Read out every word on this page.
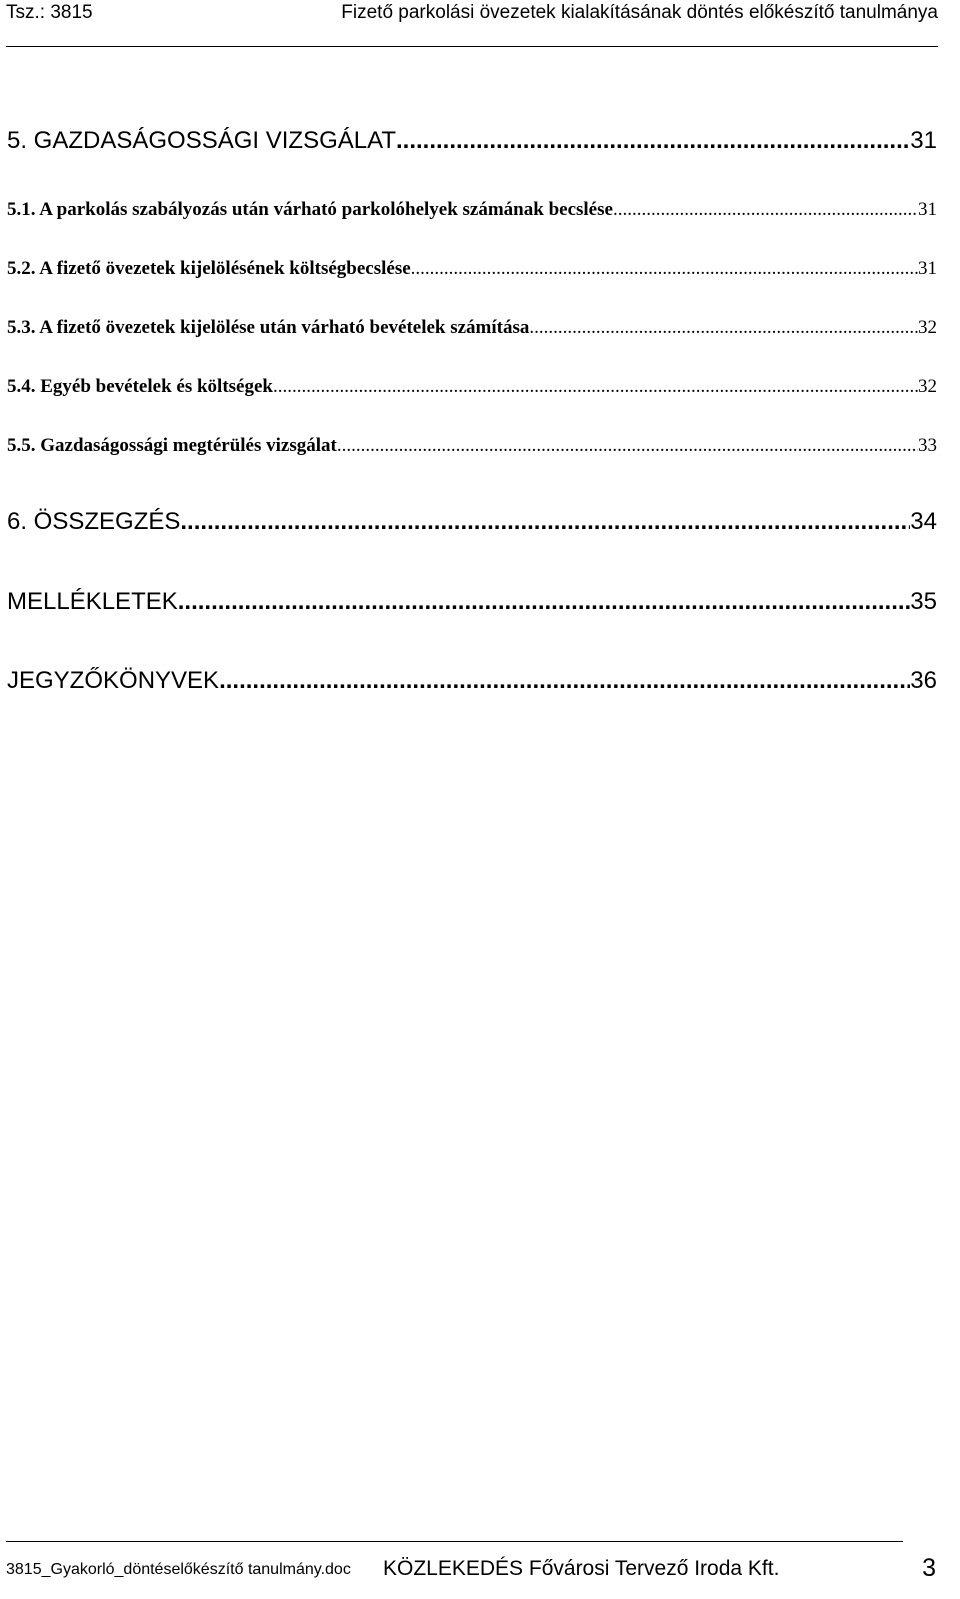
Tsz.: 3815	Fizető parkolási övezetek kialakításának döntés előkészítő tanulmánya
5. GAZDASÁGOSSÁGI VIZSGÁLAT .....	31
5.1. A parkolás szabályozás után várható parkolóhelyek számának becslése .....	31
5.2. A fizető övezetek kijelölésének költségbecslése .....	31
5.3. A fizető övezetek kijelölése után várható bevételek számítása .....	32
5.4. Egyéb bevételek és költségek .....	32
5.5. Gazdaságossági megtérülés vizsgálat .....	33
6. ÖSSZEGZÉS .....	34
MELLÉKLETEK .....	35
JEGYZŐKÖNYVEK .....	36
3815_Gyakorló_döntéselőkészítő tanulmány.doc KÖZLEKEDÉS Fővárosi Tervező Iroda Kft.	3
